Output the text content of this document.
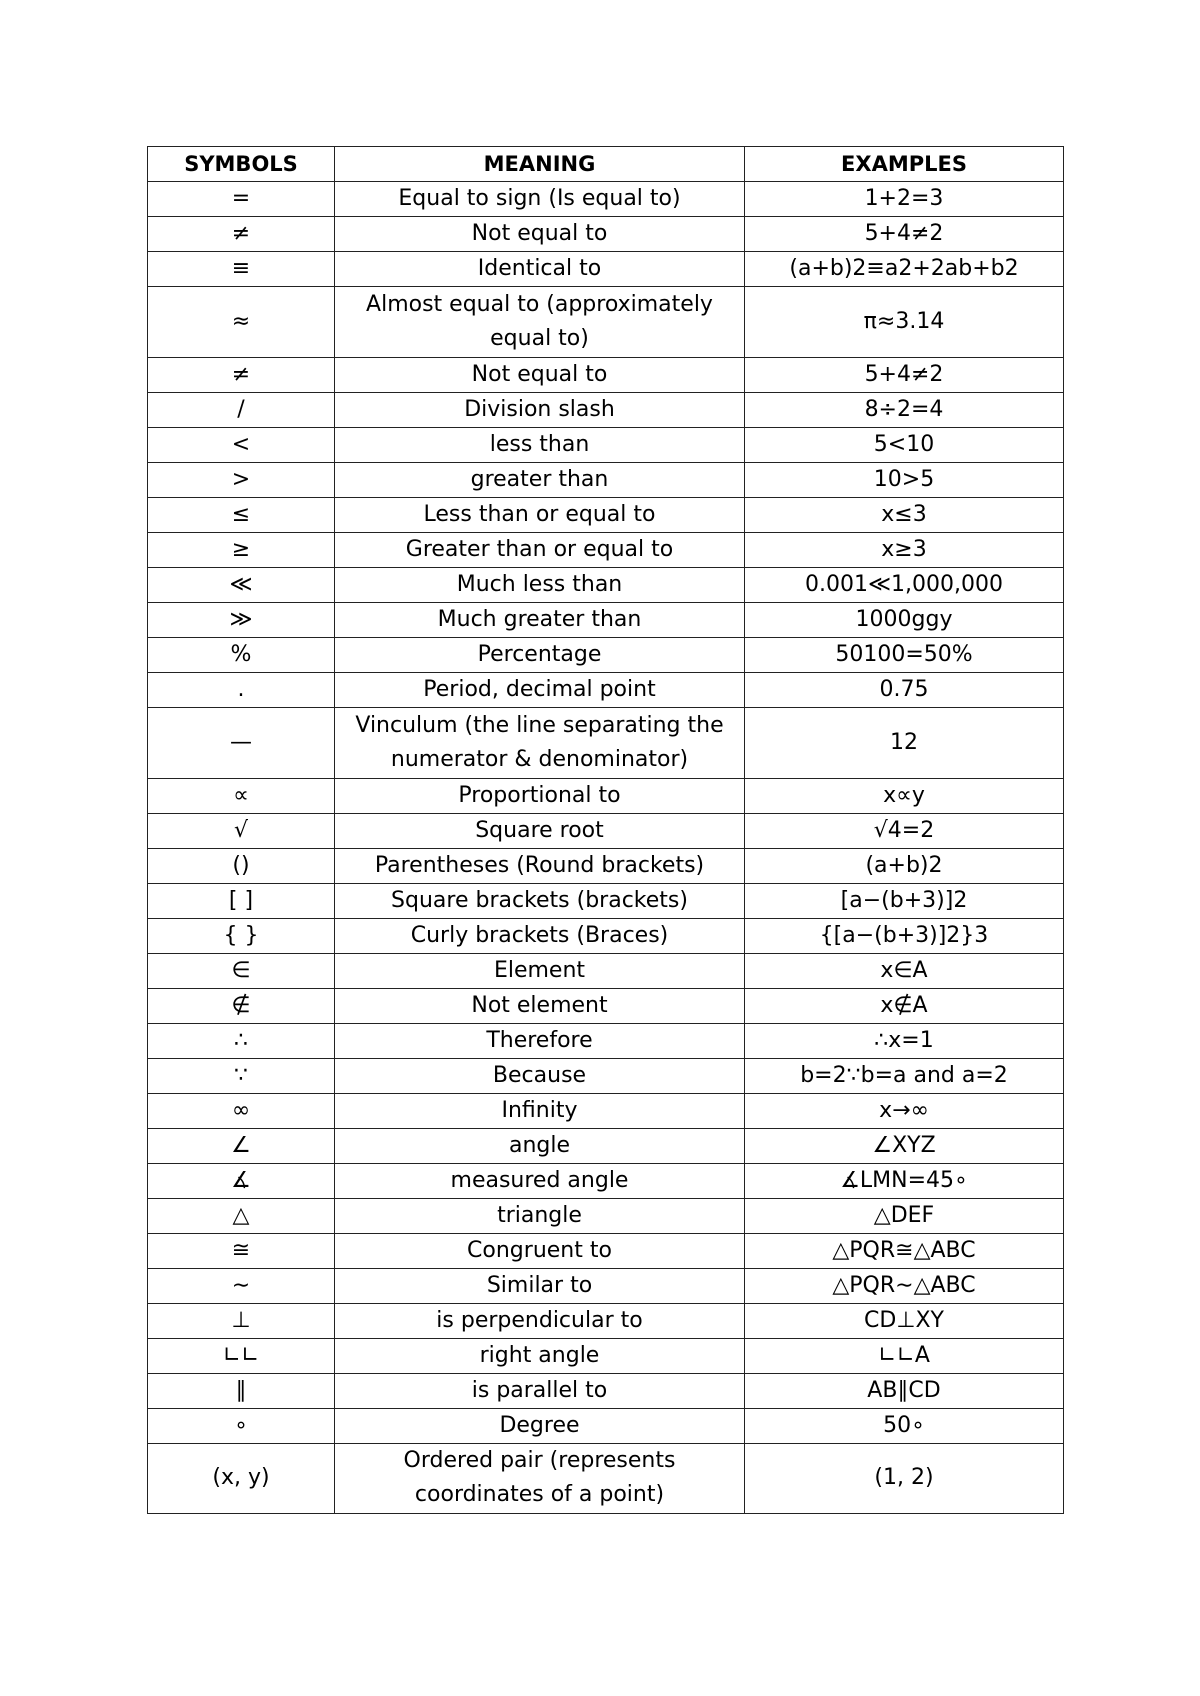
SYMBOLS	MEANING	EXAMPLES
=	Equal to sign (Is equal to)	1+2=3
≠	Not equal to	5+4≠2
≡	Identical to	(a+b)2≡a2+2ab+b2
≈	Almost equal to (approximately equal to)	π≈3.14
≠	Not equal to	5+4≠2
/	Division slash	8÷2=4
<	less than	5<10
>	greater than	10>5
≤	Less than or equal to	x≤3
≥	Greater than or equal to	x≥3
≪	Much less than	0.001≪1,000,000
≫	Much greater than	1000ggy
%	Percentage	50100=50%
.	Period, decimal point	0.75
—	Vinculum (the line separating the numerator & denominator)	12
∝	Proportional to	x∝y
√	Square root	√4=2
()	Parentheses (Round brackets)	(a+b)2
[ ]	Square brackets (brackets)	[a−(b+3)]2
{ }	Curly brackets (Braces)	{[a−(b+3)]2}3
∈	Element	x∈A
∉	Not element	x∉A
∴	Therefore	∴x=1
∵	Because	b=2∵b=a and a=2
∞	Infinity	x→∞
∠	angle	∠XYZ
∡	measured angle	∡LMN=45∘
△	triangle	△DEF
≅	Congruent to	△PQR≅△ABC
∼	Similar to	△PQR∼△ABC
⊥	is perpendicular to	CD⊥XY
∟∟	right angle	∟∟A
∥	is parallel to	AB∥CD
∘	Degree	50∘
(x, y)	Ordered pair (represents coordinates of a point)	(1, 2)
